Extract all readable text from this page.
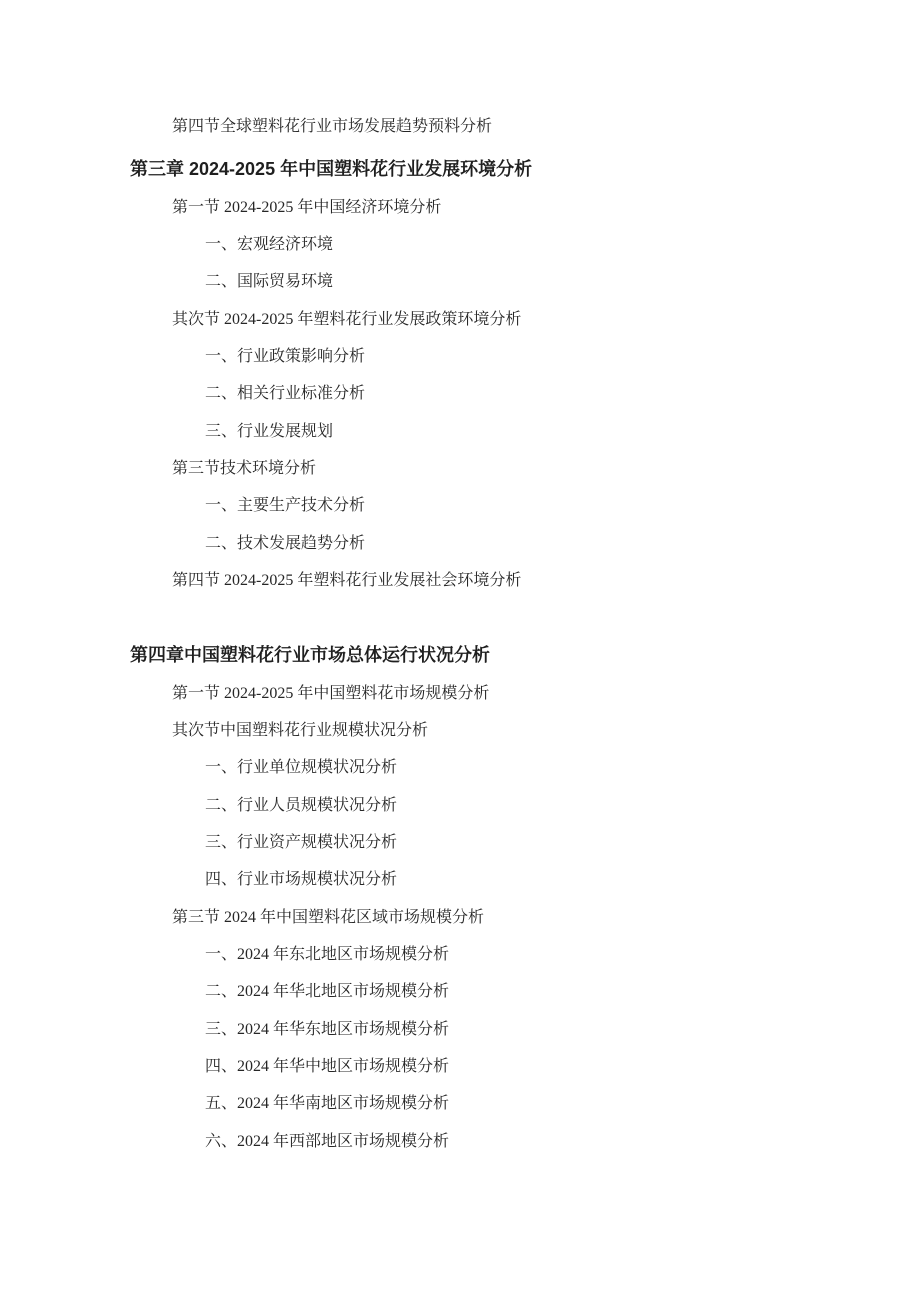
第四节全球塑料花行业市场发展趋势预料分析

第三章 2024-2025 年中国塑料花行业发展环境分析

第一节 2024-2025 年中国经济环境分析

一、宏观经济环境

二、国际贸易环境

其次节 2024-2025 年塑料花行业发展政策环境分析

一、行业政策影响分析

二、相关行业标准分析

三、行业发展规划

第三节技术环境分析

一、主要生产技术分析

二、技术发展趋势分析

第四节 2024-2025 年塑料花行业发展社会环境分析

第四章中国塑料花行业市场总体运行状况分析

第一节 2024-2025 年中国塑料花市场规模分析

其次节中国塑料花行业规模状况分析

一、行业单位规模状况分析

二、行业人员规模状况分析

三、行业资产规模状况分析

四、行业市场规模状况分析

第三节 2024 年中国塑料花区域市场规模分析

一、2024 年东北地区市场规模分析

二、2024 年华北地区市场规模分析

三、2024 年华东地区市场规模分析

四、2024 年华中地区市场规模分析

五、2024 年华南地区市场规模分析

六、2024 年西部地区市场规模分析
